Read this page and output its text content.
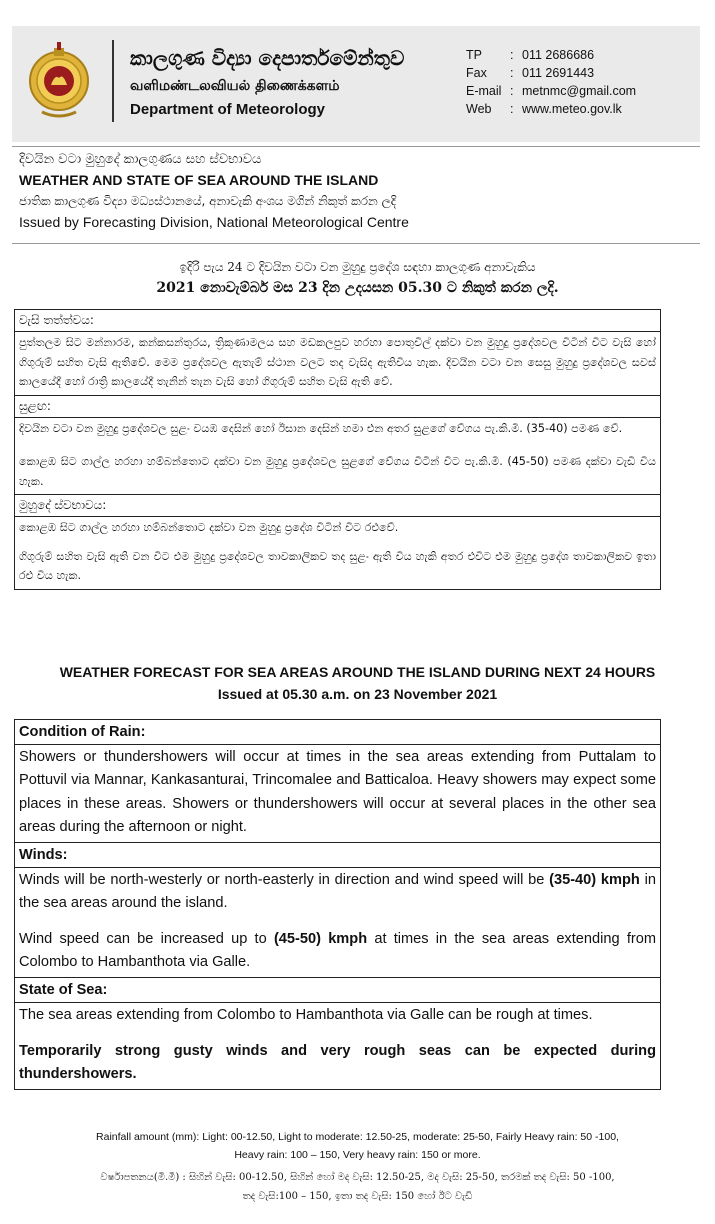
කාලගුණ විද්‍යා දෙපාර්තමේන්තුව
வளிமண்டலவியல் திணைக்களம்
Department of Meteorology
TP	: 011 2686686
Fax	: 011 2691443
E-mail : metnmc@gmail.com
Web	: www.meteo.gov.lk
දිවයින වටා මුහුදේ කාලගුණය සහ ස්වභාවය
WEATHER AND STATE OF SEA AROUND THE ISLAND
ජාතික කාලගුණ විද්‍යා මධ්‍යස්ථානයේ, අනාවැකි අංශය මගින් නිකුත් කරන ලදි
Issued by Forecasting Division, National Meteorological Centre
ඉදිරි පැය 24 ට දිවයින වටා වන මුහුදු ප්‍රදේශ සඳහා කාලගුණ අනාවැකිය
2021 නොවැම්බර් මස 23 දින උදයසන 05.30 ට නිකුත් කරන ලදි.
වැසි තත්ත්වය:

පුත්තලම සිට මන්නාරම, කන්කසන්තුරය, ත්‍රිකුණාමලය සහ මඩකලපුව හරහා පොතුවිල් දක්වා වන මුහුදු ප්‍රදේශවල විටින් විට වැසි හෝ ගිගුරුම් සහිත වැසි ඇතිවේ. මෙම ප්‍රදේශවල ඇතැම් ස්ථාන වලට තද වැසිද ඇතිවිය හැක. දිවයින වටා වන සෙසු මුහුදු ප්‍රදේශවල සවස් කාලයේදී හෝ රාත්‍රි කාලයේදී තැනින් තැන වැසි හෝ ගිගුරුම් සහිත වැසි ඇති වේ.

සුළඟ:

දිවයින වටා වන මුහුදු ප්‍රදේශවල සුළං වයඹ දෙසින් හෝ ඊසාන දෙසින් හමා එන අතර සුළගේ වේගය පැ.කි.මී. (35-40) පමණ වේ.

කොළඹ සිට ගාල්ල හරහා හම්බන්තොට දක්වා වන මුහුදු ප්‍රදේශවල සුළගේ වේගය විටින් විට පැ.කි.මී. (45-50) පමණ දක්වා වැඩි විය හැක.

මුහුදේ ස්වභාවය:

කොළඹ සිට ගාල්ල හරහා හම්බන්තොට දක්වා වන මුහුදු ප්‍රදේශ විටින් විට රළුවේ.

ගිගුරුම් සහිත වැසි ඇති වන විට එම මුහුදු ප්‍රදේශවල තාවකාලිකව තද සුළං ඇති විය හැකි අතර එවිට එම මුහුදු ප්‍රදේශ තාවකාලිකව ඉතා රළු විය හැක.

WEATHER FORECAST FOR SEA AREAS AROUND THE ISLAND DURING NEXT 24 HOURS
Issued at 05.30 a.m. on 23 November 2021
Condition of Rain:

Showers or thundershowers will occur at times in the sea areas extending from Puttalam to Pottuvil via Mannar, Kankasanturai, Trincomalee and Batticaloa. Heavy showers may expect some places in these areas. Showers or thundershowers will occur at several places in the other sea areas during the afternoon or night.

Winds:

Winds will be north-westerly or north-easterly in direction and wind speed will be (35-40) kmph in the sea areas around the island.

Wind speed can be increased up to (45-50) kmph at times in the sea areas extending from Colombo to Hambanthota via Galle.

State of Sea:

The sea areas extending from Colombo to Hambanthota via Galle can be rough at times.

Temporarily strong gusty winds and very rough seas can be expected during thundershowers.

Rainfall amount (mm): Light: 00-12.50, Light to moderate: 12.50-25, moderate: 25-50, Fairly Heavy rain: 50 -100,
Heavy rain: 100 – 150, Very heavy rain: 150 or more.
වර්ෂාපතනය(මි.මී) : සිහින් වැසි: 00-12.50, සිහින් හෝ මද වැසි: 12.50-25, මද වැසි: 25-50, තරමක් තද වැසි: 50 -100,
තද වැසි:100 – 150, ඉතා තද වැසි: 150 හෝ ඊට වැඩි
